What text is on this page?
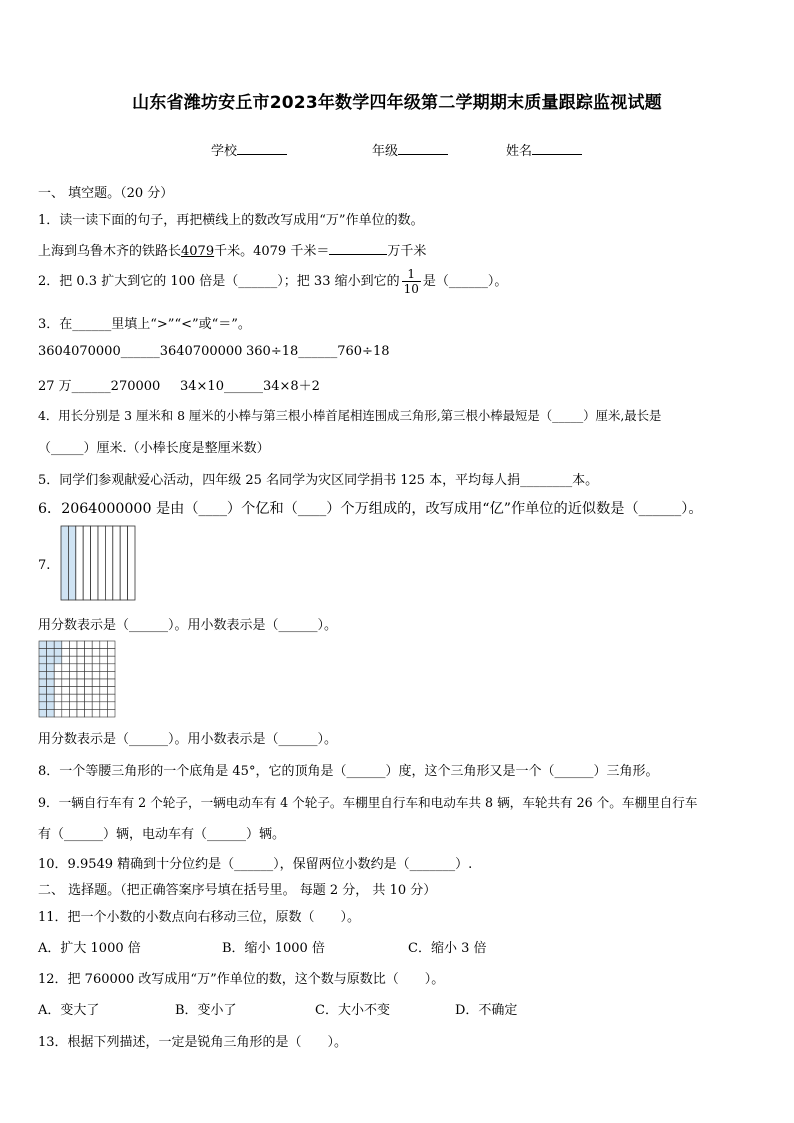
山东省潍坊安丘市2023年数学四年级第二学期期末质量跟踪监视试题
学校	年级	姓名
一、 填空题。（20 分）
1．读一读下面的句子，再把横线上的数改写成用“万”作单位的数。
上海到乌鲁木齐的铁路长4079千米。4079 千米＝	万千米
2．把 0.3 扩大到它的 100 倍是（______）；把 33 缩小到它的 $\frac{1}{10}$ 是（______）。
3．在______里填上“>”“<”或“＝”。
3604070000______3640700000 360÷18______760÷18
27 万______270000 34×10______34×8＋2
4．用长分别是 3 厘米和 8 厘米的小棒与第三根小棒首尾相连围成三角形,第三根小棒最短是（_____）厘米,最长是
（_____）厘米.（小棒长度是整厘米数）
5．同学们参观献爱心活动，四年级 25 名同学为灾区同学捐书 125 本，平均每人捐________本。
6．2064000000 是由（____）个亿和（____）个万组成的，改写成用“亿”作单位的近似数是（______）。
7.
用分数表示是（______）。用小数表示是（______）。
用分数表示是（______）。用小数表示是（______）。
8．一个等腰三角形的一个底角是 45°，它的顶角是（______）度，这个三角形又是一个（______）三角形。
9．一辆自行车有 2 个轮子，一辆电动车有 4 个轮子。车棚里自行车和电动车共 8 辆，车轮共有 26 个。车棚里自行车
有（______）辆，电动车有（______）辆。
10．9.9549 精确到十分位约是（______），保留两位小数约是（_______）.
二、 选择题。（把正确答案序号填在括号里。 每题 2 分， 共 10 分）
11．把一个小数的小数点向右移动三位，原数（　　）。
A．扩大 1000 倍	B．缩小 1000 倍	C．缩小 3 倍
12．把 760000 改写成用“万”作单位的数，这个数与原数比（　　）。
A．变大了	B．变小了	C．大小不变	D．不确定
13．根据下列描述，一定是锐角三角形的是（　　）。
